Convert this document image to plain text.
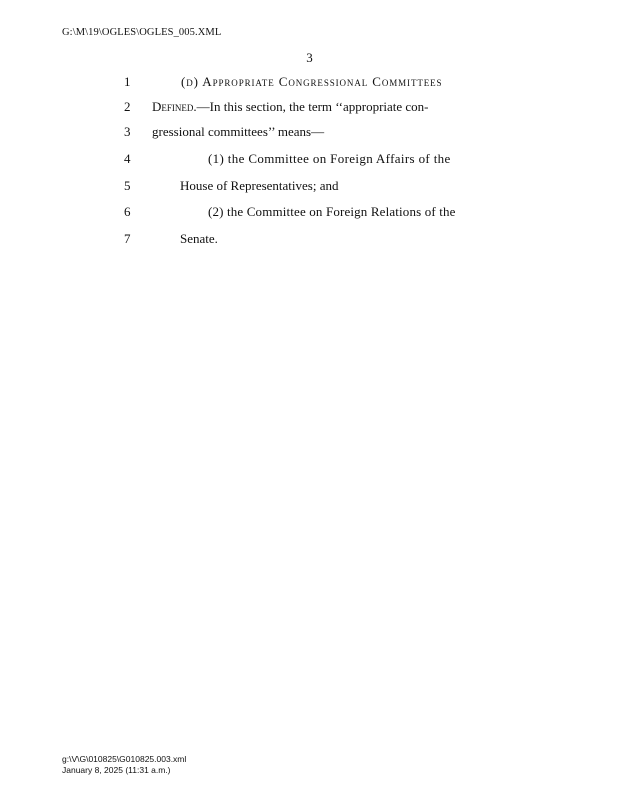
G:\M\19\OGLES\OGLES_005.XML
3
1	(d) Appropriate Congressional Committees
2	Defined.—In this section, the term ‘‘appropriate con-
3	gressional committees’’ means—
4	(1) the Committee on Foreign Affairs of the
5	House of Representatives; and
6	(2) the Committee on Foreign Relations of the
7	Senate.
g:\V\G\010825\G010825.003.xml
January 8, 2025 (11:31 a.m.)
